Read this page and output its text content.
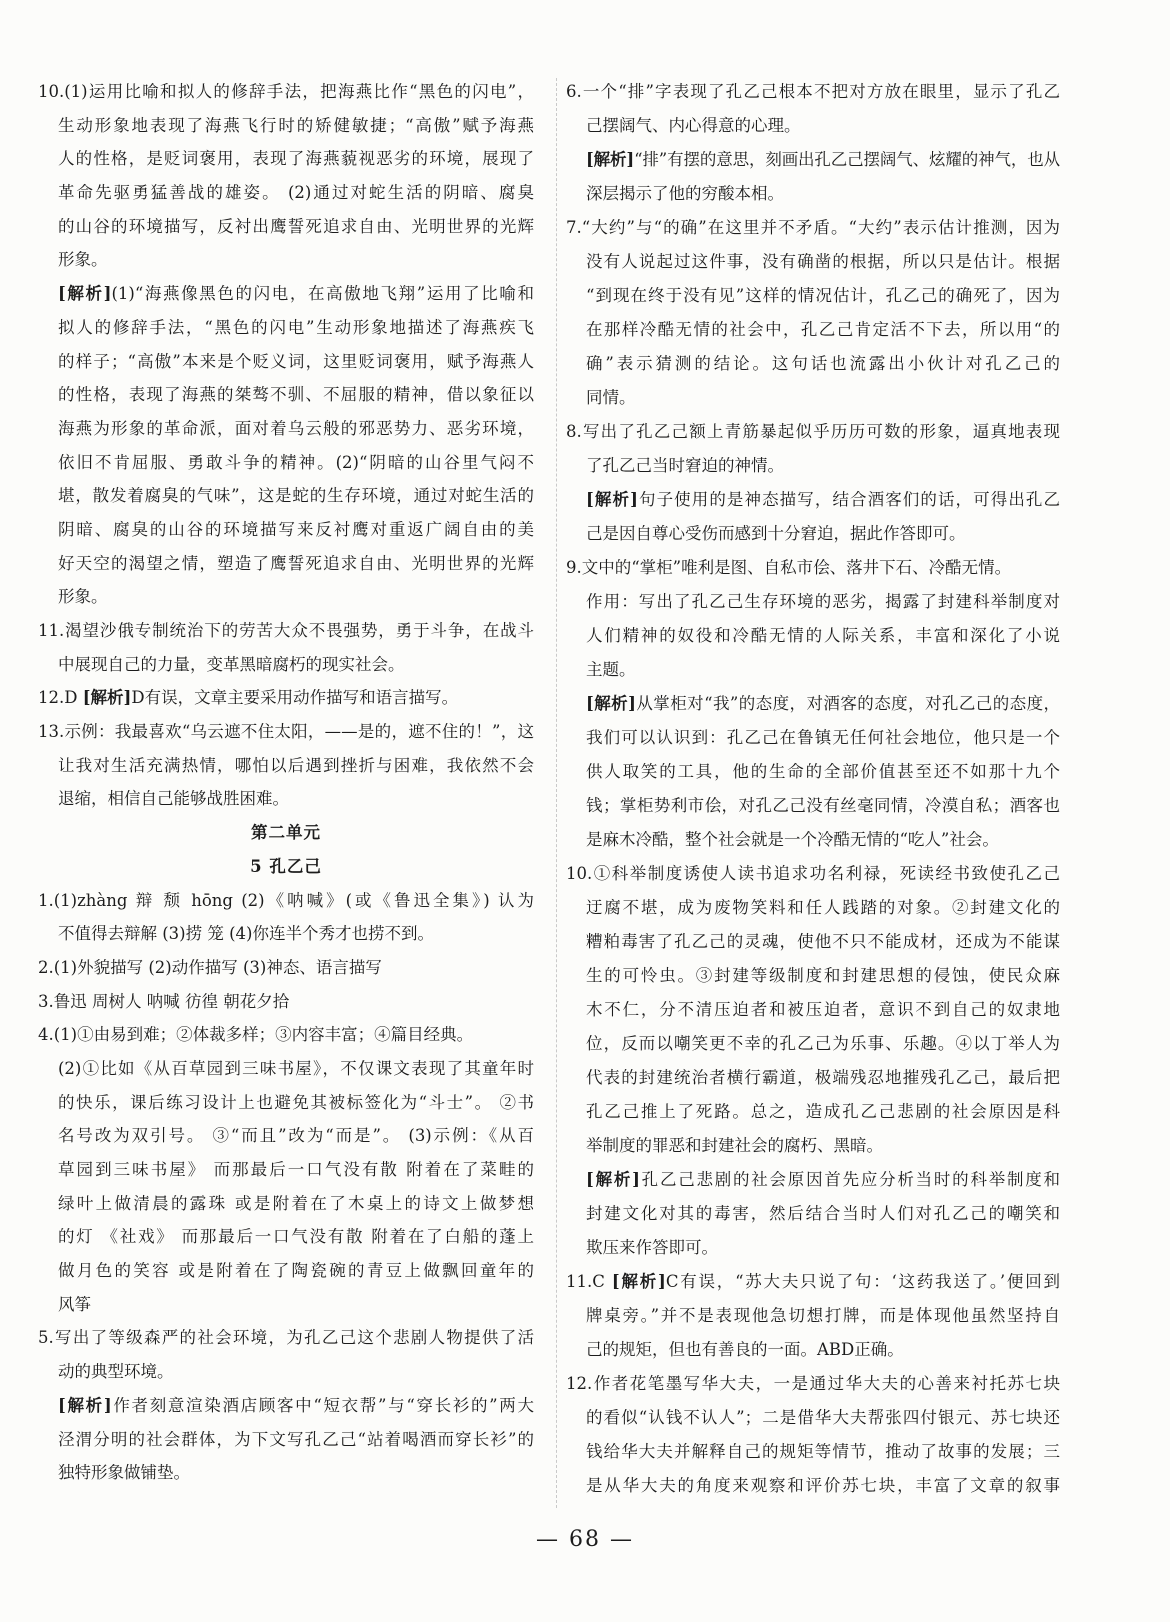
10.(1)运用比喻和拟人的修辞手法，把海燕比作“黑色的闪电”，
生动形象地表现了海燕飞行时的矫健敏捷；“高傲”赋予海燕
人的性格，是贬词褒用，表现了海燕藐视恶劣的环境，展现了
革命先驱勇猛善战的雄姿。 (2)通过对蛇生活的阴暗、腐臭
的山谷的环境描写，反衬出鹰誓死追求自由、光明世界的光辉
形象。
[解析](1)“海燕像黑色的闪电，在高傲地飞翔”运用了比喻和
拟人的修辞手法，“黑色的闪电”生动形象地描述了海燕疾飞
的样子；“高傲”本来是个贬义词，这里贬词褒用，赋予海燕人
的性格，表现了海燕的桀骜不驯、不屈服的精神，借以象征以
海燕为形象的革命派，面对着乌云般的邪恶势力、恶劣环境，
依旧不肯屈服、勇敢斗争的精神。(2)“阴暗的山谷里气闷不
堪，散发着腐臭的气味”，这是蛇的生存环境，通过对蛇生活的
阴暗、腐臭的山谷的环境描写来反衬鹰对重返广阔自由的美
好天空的渴望之情，塑造了鹰誓死追求自由、光明世界的光辉
形象。
11.渴望沙俄专制统治下的劳苦大众不畏强势，勇于斗争，在战斗
中展现自己的力量，变革黑暗腐朽的现实社会。
12.D [解析]D有误，文章主要采用动作描写和语言描写。
13.示例：我最喜欢“乌云遮不住太阳，——是的，遮不住的！”，这
让我对生活充满热情，哪怕以后遇到挫折与困难，我依然不会
退缩，相信自己能够战胜困难。
第二单元
5 孔乙己
1.(1)zhàng 辩 颓 hōng (2)《呐喊》(或《鲁迅全集》) 认为
不值得去辩解 (3)捞 笼 (4)你连半个秀才也捞不到。
2.(1)外貌描写 (2)动作描写 (3)神态、语言描写
3.鲁迅 周树人 呐喊 彷徨 朝花夕拾
4.(1)①由易到难；②体裁多样；③内容丰富；④篇目经典。
(2)①比如《从百草园到三味书屋》，不仅课文表现了其童年时
的快乐，课后练习设计上也避免其被标签化为“斗士”。 ②书
名号改为双引号。 ③“而且”改为“而是”。 (3)示例：《从百
草园到三味书屋》 而那最后一口气没有散 附着在了菜畦的
绿叶上做清晨的露珠 或是附着在了木桌上的诗文上做梦想
的灯 《社戏》 而那最后一口气没有散 附着在了白船的蓬上
做月色的笑容 或是附着在了陶瓷碗的青豆上做飘回童年的
风筝
5.写出了等级森严的社会环境，为孔乙己这个悲剧人物提供了活
动的典型环境。
[解析]作者刻意渲染酒店顾客中“短衣帮”与“穿长衫的”两大
泾渭分明的社会群体，为下文写孔乙己“站着喝酒而穿长衫”的
独特形象做铺垫。
6.一个“排”字表现了孔乙己根本不把对方放在眼里，显示了孔乙
己摆阔气、内心得意的心理。
[解析]“排”有摆的意思，刻画出孔乙己摆阔气、炫耀的神气，也从
深层揭示了他的穷酸本相。
7.“大约”与“的确”在这里并不矛盾。“大约”表示估计推测，因为
没有人说起过这件事，没有确凿的根据，所以只是估计。根据
“到现在终于没有见”这样的情况估计，孔乙己的确死了，因为
在那样冷酷无情的社会中，孔乙己肯定活不下去，所以用“的
确”表示猜测的结论。这句话也流露出小伙计对孔乙己的
同情。
8.写出了孔乙己额上青筋暴起似乎历历可数的形象，逼真地表现
了孔乙己当时窘迫的神情。
[解析]句子使用的是神态描写，结合酒客们的话，可得出孔乙
己是因自尊心受伤而感到十分窘迫，据此作答即可。
9.文中的“掌柜”唯利是图、自私市侩、落井下石、冷酷无情。
作用：写出了孔乙己生存环境的恶劣，揭露了封建科举制度对
人们精神的奴役和冷酷无情的人际关系，丰富和深化了小说
主题。
[解析]从掌柜对“我”的态度，对酒客的态度，对孔乙己的态度，
我们可以认识到：孔乙己在鲁镇无任何社会地位，他只是一个
供人取笑的工具，他的生命的全部价值甚至还不如那十九个
钱；掌柜势利市侩，对孔乙己没有丝毫同情，冷漠自私；酒客也
是麻木冷酷，整个社会就是一个冷酷无情的“吃人”社会。
10.①科举制度诱使人读书追求功名利禄，死读经书致使孔乙己
迂腐不堪，成为废物笑料和任人践踏的对象。②封建文化的
糟粕毒害了孔乙己的灵魂，使他不只不能成材，还成为不能谋
生的可怜虫。③封建等级制度和封建思想的侵蚀，使民众麻
木不仁，分不清压迫者和被压迫者，意识不到自己的奴隶地
位，反而以嘲笑更不幸的孔乙己为乐事、乐趣。④以丁举人为
代表的封建统治者横行霸道，极端残忍地摧残孔乙己，最后把
孔乙己推上了死路。总之，造成孔乙己悲剧的社会原因是科
举制度的罪恶和封建社会的腐朽、黑暗。
[解析]孔乙己悲剧的社会原因首先应分析当时的科举制度和
封建文化对其的毒害，然后结合当时人们对孔乙己的嘲笑和
欺压来作答即可。
11.C [解析]C有误，“苏大夫只说了句：‘这药我送了。’便回到
牌桌旁。”并不是表现他急切想打牌，而是体现他虽然坚持自
己的规矩，但也有善良的一面。ABD正确。
12.作者花笔墨写华大夫，一是通过华大夫的心善来衬托苏七块
的看似“认钱不认人”；二是借华大夫帮张四付银元、苏七块还
钱给华大夫并解释自己的规矩等情节，推动了故事的发展；三
是从华大夫的角度来观察和评价苏七块，丰富了文章的叙事
— 68 —
